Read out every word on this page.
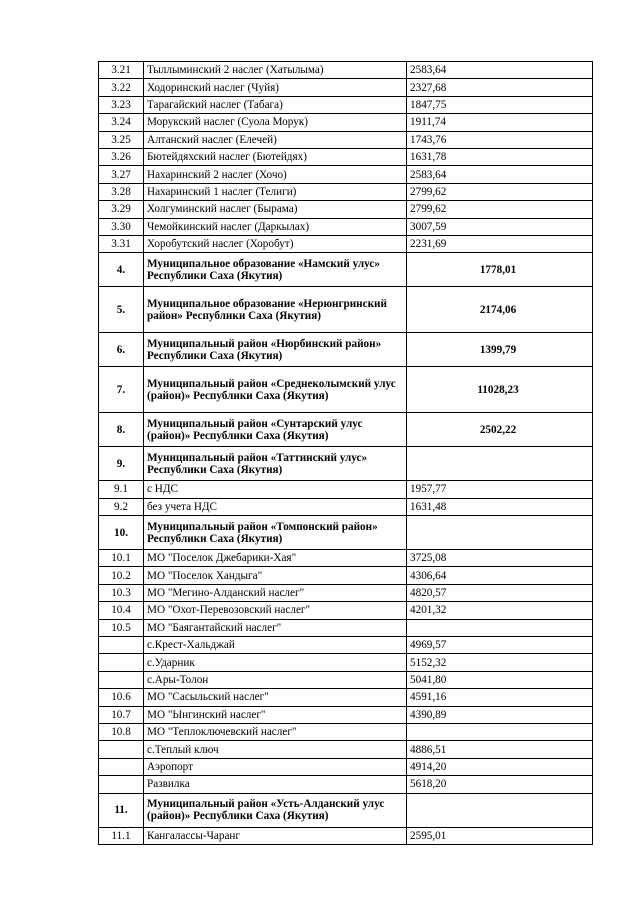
3.21	Тыллыминский 2 наслег (Хатылыма)	2583,64
3.22	Ходоринский наслег (Чуйя)	2327,68
3.23	Тарагайский наслег (Табага)	1847,75
3.24	Морукский наслег (Суола Морук)	1911,74
3.25	Алтанский наслег (Елечей)	1743,76
3.26	Бютейдяхский наслег (Бютейдях)	1631,78
3.27	Нахаринский 2 наслег (Хочо)	2583,64
3.28	Нахаринский 1 наслег (Телиги)	2799,62
3.29	Холгуминский наслег (Бырама)	2799,62
3.30	Чемойкинский наслег (Даркылах)	3007,59
3.31	Хоробутский наслег (Хоробут)	2231,69
4.	Муниципальное образование «Намский улус» Республики Саха (Якутия)	1778,01
5.	Муниципальное образование «Нерюнгринский район» Республики Саха (Якутия)	2174,06
6.	Муниципальный район «Нюрбинский район» Республики Саха (Якутия)	1399,79
7.	Муниципальный район «Среднеколымский улус (район)» Республики Саха (Якутия)	11028,23
8.	Муниципальный район «Сунтарский улус (район)» Республики Саха (Якутия)	2502,22
9.	Муниципальный район «Таттинский улус» Республики Саха (Якутия)	
9.1	с НДС	1957,77
9.2	без учета НДС	1631,48
10.	Муниципальный район «Томпонский район» Республики Саха (Якутия)	
10.1	МО "Поселок Джебарики-Хая"	3725,08
10.2	МО "Поселок Хандыга"	4306,64
10.3	МО "Мегино-Алданский наслег"	4820,57
10.4	МО "Охот-Перевозовский наслег"	4201,32
10.5	МО "Баягантайский наслег"	
	с.Крест-Хальджай	4969,57
	с.Ударник	5152,32
	с.Ары-Толон	5041,80
10.6	МО "Сасыльский наслег"	4591,16
10.7	МО "Ынгинский наслег"	4390,89
10.8	МО "Теплоключевский наслег"	
	с.Теплый ключ	4886,51
	Аэропорт	4914,20
	Развилка	5618,20
11.	Муниципальный район «Усть-Алданский улус (район)» Республики Саха (Якутия)	
11.1	Кангалассы-Чаранг	2595,01
